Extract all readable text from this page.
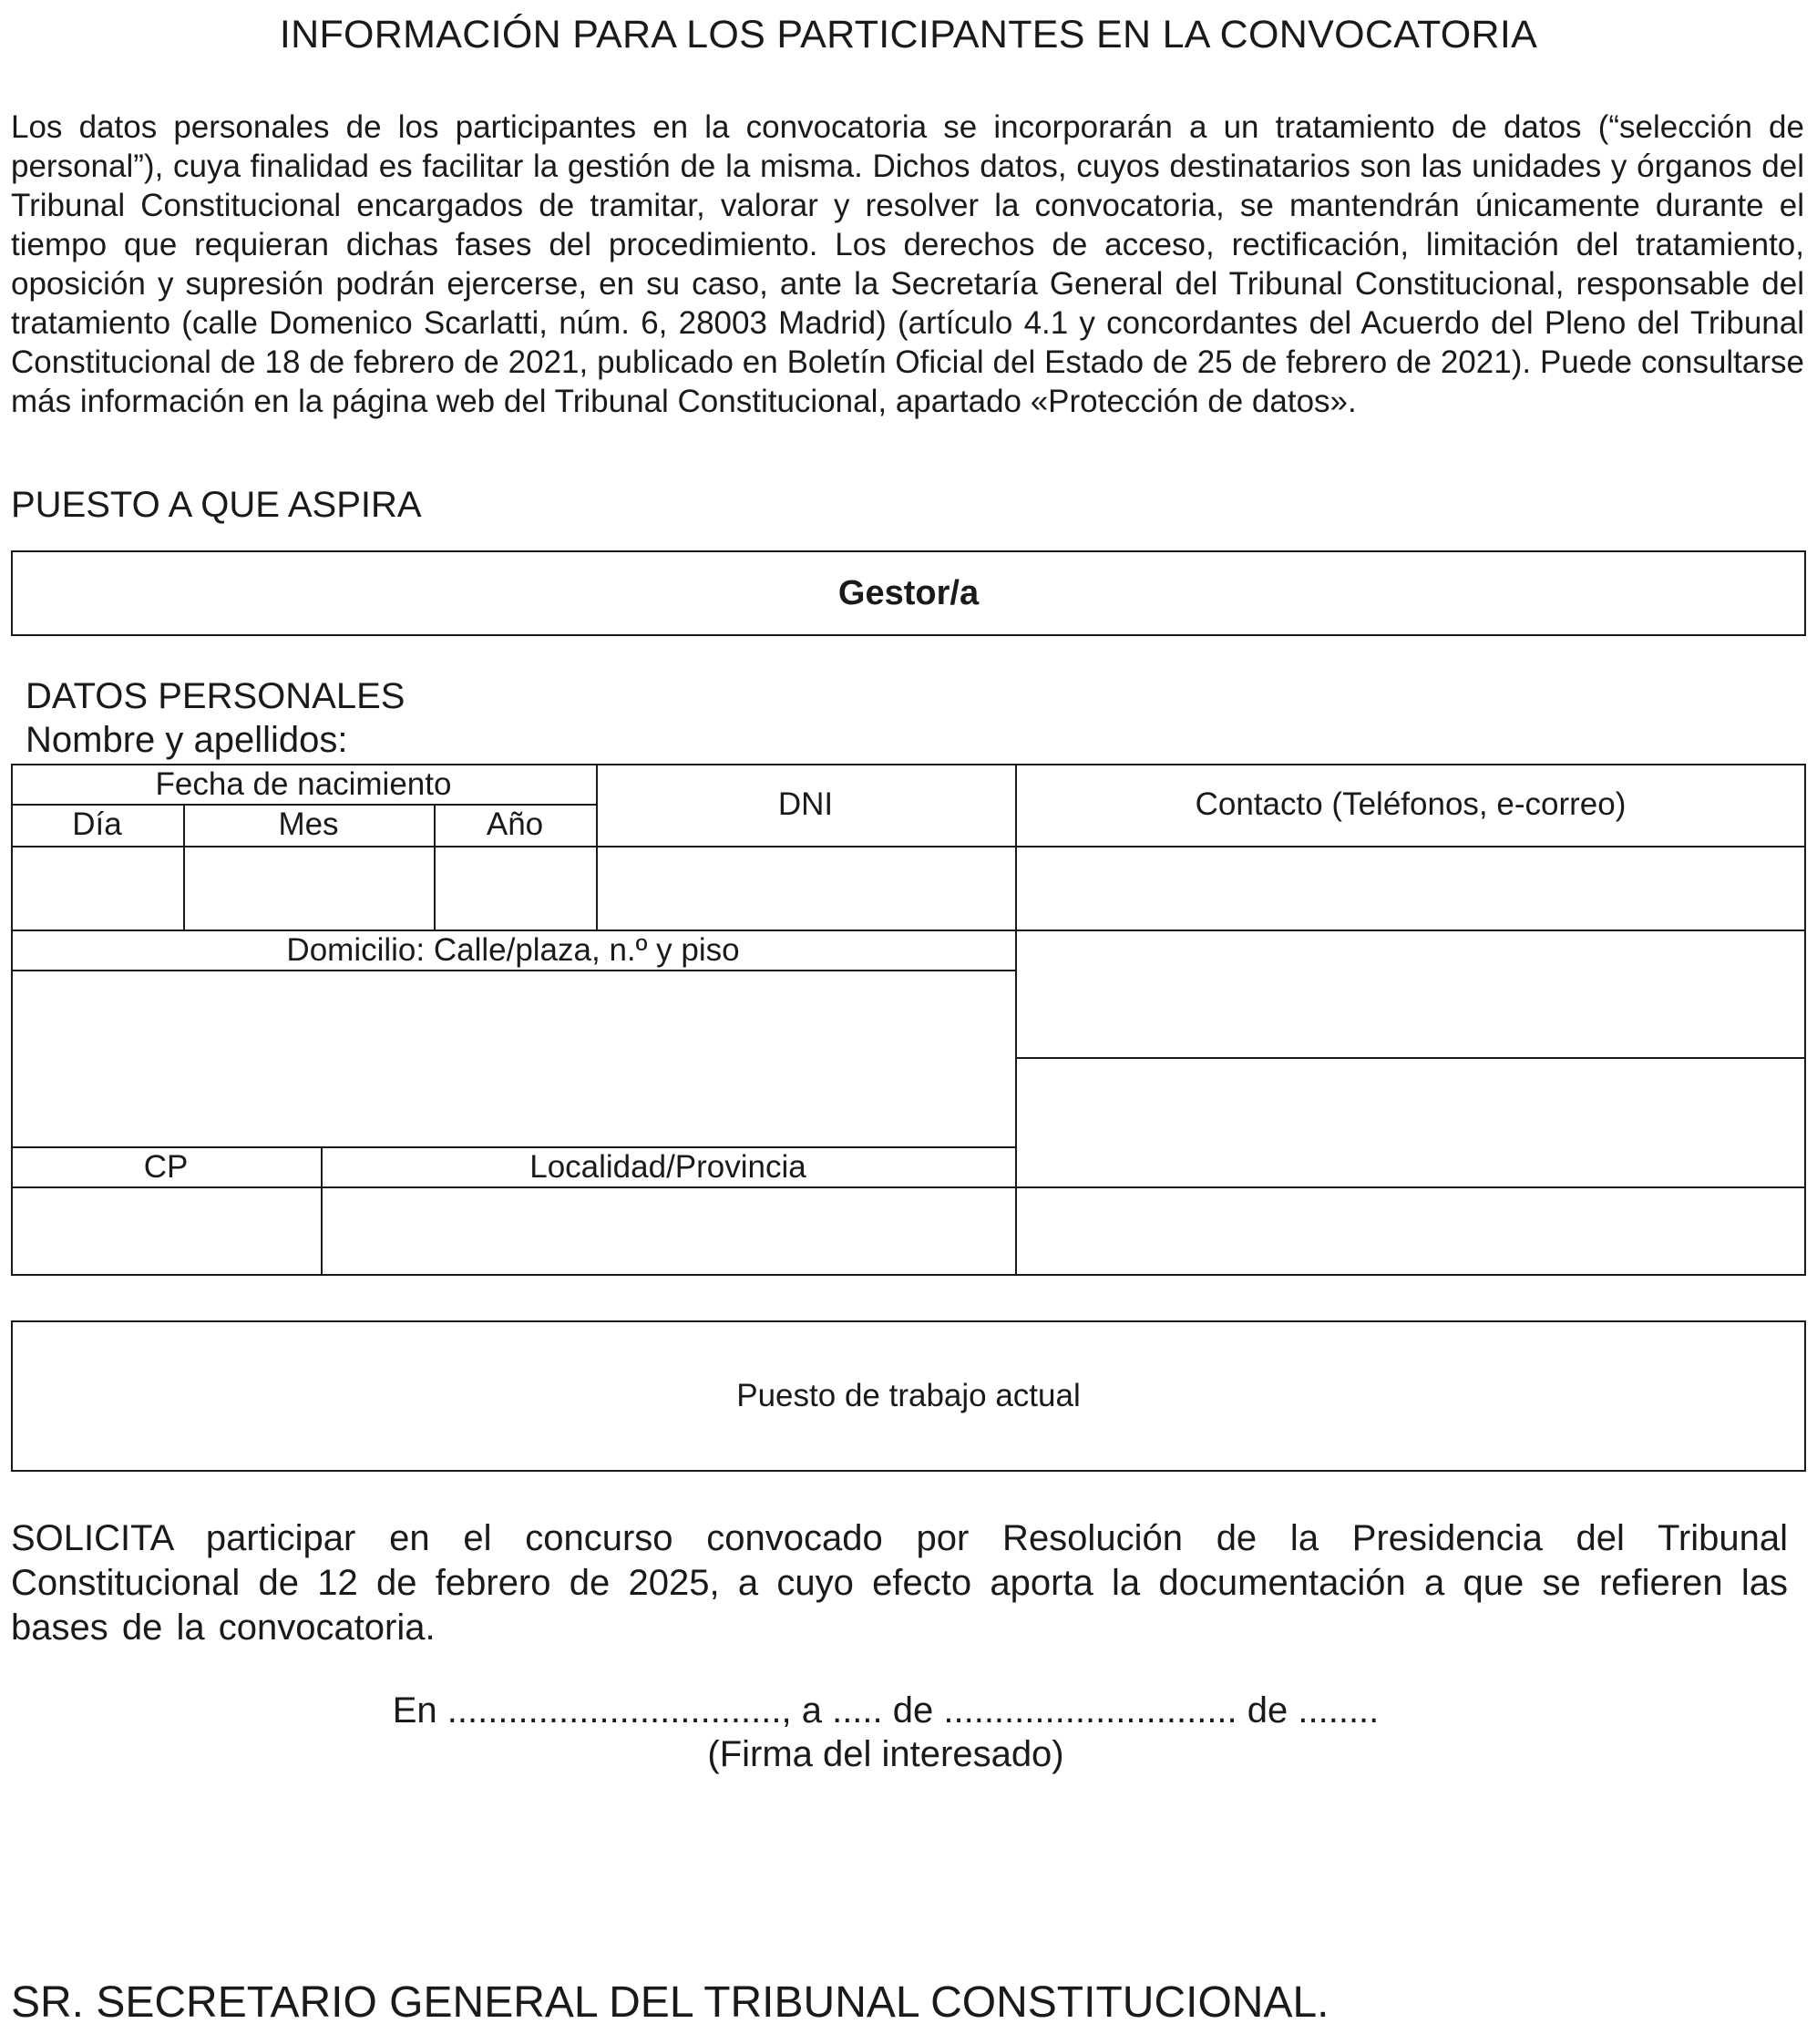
INFORMACIÓN PARA LOS PARTICIPANTES EN LA CONVOCATORIA

Los datos personales de los participantes en la convocatoria se incorporarán a un tratamiento de datos (“selección de personal”), cuya finalidad es facilitar la gestión de la misma. Dichos datos, cuyos destinatarios son las unidades y órganos del Tribunal Constitucional encargados de tramitar, valorar y resolver la convocatoria, se mantendrán únicamente durante el tiempo que requieran dichas fases del procedimiento. Los derechos de acceso, rectificación, limitación del tratamiento, oposición y supresión podrán ejercerse, en su caso, ante la Secretaría General del Tribunal Constitucional, responsable del tratamiento (calle Domenico Scarlatti, núm. 6, 28003 Madrid) (artículo 4.1 y concordantes del Acuerdo del Pleno del Tribunal Constitucional de 18 de febrero de 2021, publicado en Boletín Oficial del Estado de 25 de febrero de 2021). Puede consultarse más información en la página web del Tribunal Constitucional, apartado «Protección de datos».

PUESTO A QUE ASPIRA
Gestor/a
DATOS PERSONALES
Nombre y apellidos:
Fecha de nacimiento
Día	Mes	Año
DNI	Contacto (Teléfonos, e-correo)
Domicilio: Calle/plaza, n.º y piso
CP	Localidad/Provincia
Puesto de trabajo actual

SOLICITA participar en el concurso convocado por Resolución de la Presidencia del Tribunal Constitucional de 12 de febrero de 2025, a cuyo efecto aporta la documentación a que se refieren las bases de la convocatoria.

En ................................., a ..... de ............................. de ........
(Firma del interesado)
SR. SECRETARIO GENERAL DEL TRIBUNAL CONSTITUCIONAL.
